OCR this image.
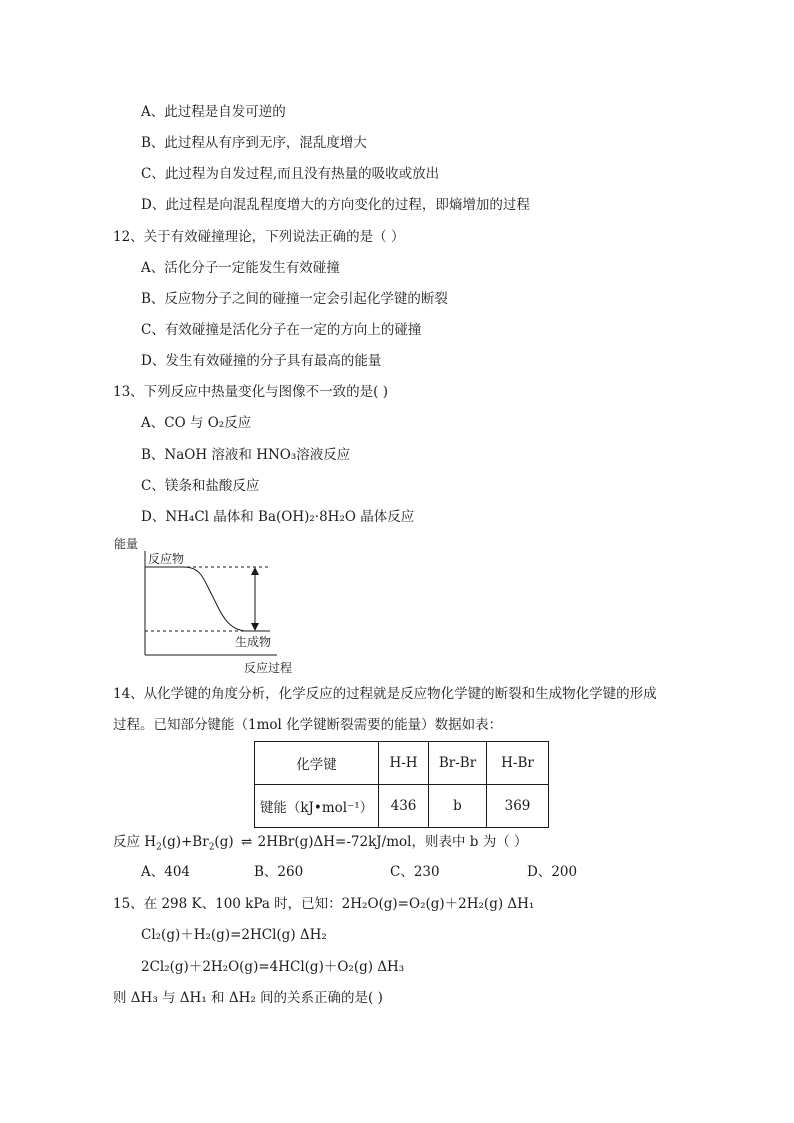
A、此过程是自发可逆的
B、此过程从有序到无序，混乱度增大
C、此过程为自发过程,而且没有热量的吸收或放出
D、此过程是向混乱程度增大的方向变化的过程，即熵增加的过程
12、关于有效碰撞理论，下列说法正确的是（ ）
A、活化分子一定能发生有效碰撞
B、反应物分子之间的碰撞一定会引起化学键的断裂
C、有效碰撞是活化分子在一定的方向上的碰撞
D、发生有效碰撞的分子具有最高的能量
13、下列反应中热量变化与图像不一致的是( )
A、CO 与 O₂反应
B、NaOH 溶液和 HNO₃溶液反应
C、镁条和盐酸反应
D、NH₄Cl 晶体和 Ba(OH)₂·8H₂O 晶体反应
能量
反应物
生成物
反应过程
14、从化学键的角度分析，化学反应的过程就是反应物化学键的断裂和生成物化学键的形成
过程。已知部分键能（1mol 化学键断裂需要的能量）数据如表：
化学键	H-H	Br-Br	H-Br
键能（kJ•mol⁻¹）	436	b	369
反应 $H_2(g)+Br_2(g)$ ⇌ 2HBr(g)ΔH=-72kJ/mol，则表中 b 为（ ）
A、404	B、260	C、230	D、200
15、在 298 K、100 kPa 时，已知：2H₂O(g)=O₂(g)＋2H₂(g) ΔH₁
Cl₂(g)＋H₂(g)=2HCl(g) ΔH₂
2Cl₂(g)＋2H₂O(g)=4HCl(g)＋O₂(g) ΔH₃
则 ΔH₃ 与 ΔH₁ 和 ΔH₂ 间的关系正确的是( )
